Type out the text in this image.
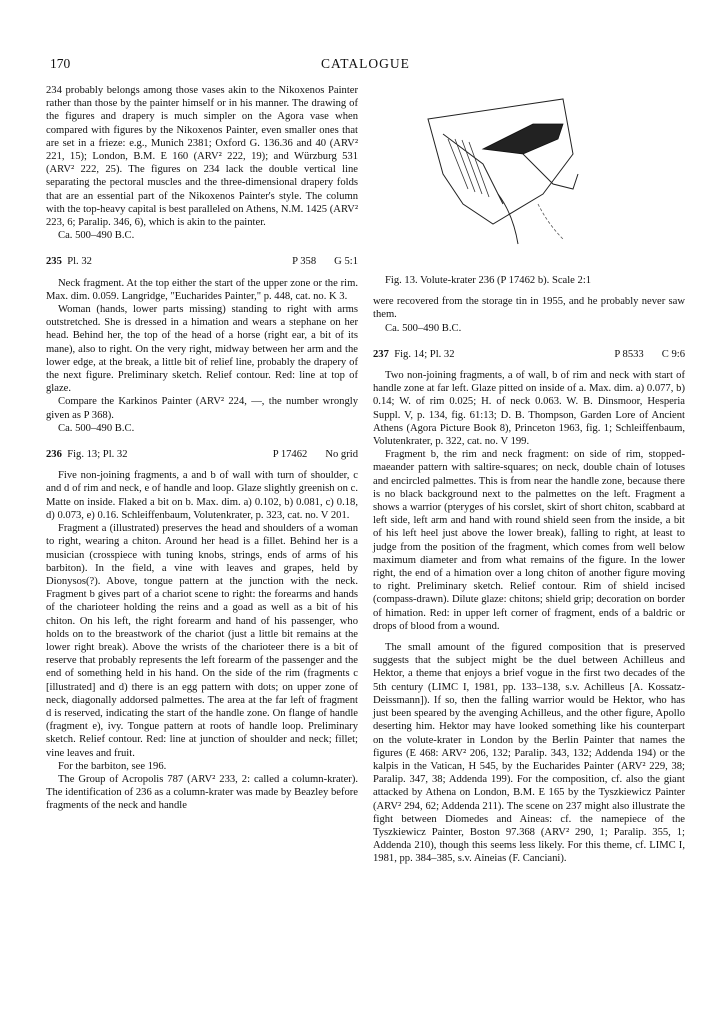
170	CATALOGUE

234 probably belongs among those vases akin to the Nikoxenos Painter rather than those by the painter himself or in his manner. The drawing of the figures and drapery is much simpler on the Agora vase when compared with figures by the Nikoxenos Painter, even smaller ones that are set in a frieze: e.g., Munich 2381; Oxford G. 136.36 and 40 (ARV² 221, 15); London, B.M. E 160 (ARV² 222, 19); and Würzburg 531 (ARV² 222, 25). The figures on 234 lack the double vertical line separating the pectoral muscles and the three-dimensional drapery folds that are an essential part of the Nikoxenos Painter's style. The column with the top-heavy capital is best paralleled on Athens, N.M. 1425 (ARV² 223, 6; Paralip. 346, 6), which is akin to the painter.

Ca. 500–490 B.C.

235 Pl. 32	P 358 G 5:1

Neck fragment. At the top either the start of the upper zone or the rim. Max. dim. 0.059. Langridge, "Eucharides Painter," p. 448, cat. no. K 3.

Woman (hands, lower parts missing) standing to right with arms outstretched. She is dressed in a himation and wears a stephane on her head. Behind her, the top of the head of a horse (right ear, a bit of its mane), also to right. On the very right, midway between her arm and the lower edge, at the break, a little bit of relief line, probably the drapery of the next figure. Preliminary sketch. Relief contour. Red: line at top of glaze.

Compare the Karkinos Painter (ARV² 224, —, the number wrongly given as P 368).

Ca. 500–490 B.C.

236 Fig. 13; Pl. 32	P 17462 No grid

Five non-joining fragments, a and b of wall with turn of shoulder, c and d of rim and neck, e of handle and loop. Glaze slightly greenish on c. Matte on inside. Flaked a bit on b. Max. dim. a) 0.102, b) 0.081, c) 0.18, d) 0.073, e) 0.16. Schleiffenbaum, Volutenkrater, p. 323, cat. no. V 201.

Fragment a (illustrated) preserves the head and shoulders of a woman to right, wearing a chiton. Around her head is a fillet. Behind her is a musician (crosspiece with tuning knobs, strings, ends of arms of his barbiton). In the field, a vine with leaves and grapes, held by Dionysos(?). Above, tongue pattern at the junction with the neck. Fragment b gives part of a chariot scene to right: the forearms and hands of the charioteer holding the reins and a goad as well as a bit of his chiton. On his left, the right forearm and hand of his passenger, who holds on to the breastwork of the chariot (just a little bit remains at the lower right break). Above the wrists of the charioteer there is a bit of reserve that probably represents the left forearm of the passenger and the end of something held in his hand. On the side of the rim (fragments c [illustrated] and d) there is an egg pattern with dots; on upper zone of neck, diagonally addorsed palmettes. The area at the far left of fragment d is reserved, indicating the start of the handle zone. On flange of handle (fragment e), ivy. Tongue pattern at roots of handle loop. Preliminary sketch. Relief contour. Red: line at junction of shoulder and neck; fillet; vine leaves and fruit.

For the barbiton, see 196.

The Group of Acropolis 787 (ARV² 233, 2: called a column-krater). The identification of 236 as a column-krater was made by Beazley before fragments of the neck and handle

Fig. 13. Volute-krater 236 (P 17462 b). Scale 2:1

were recovered from the storage tin in 1955, and he probably never saw them.

Ca. 500–490 B.C.

237 Fig. 14; Pl. 32	P 8533 C 9:6

Two non-joining fragments, a of wall, b of rim and neck with start of handle zone at far left. Glaze pitted on inside of a. Max. dim. a) 0.077, b) 0.14; W. of rim 0.025; H. of neck 0.063. W. B. Dinsmoor, Hesperia Suppl. V, p. 134, fig. 61:13; D. B. Thompson, Garden Lore of Ancient Athens (Agora Picture Book 8), Princeton 1963, fig. 1; Schleiffenbaum, Volutenkrater, p. 322, cat. no. V 199.

Fragment b, the rim and neck fragment: on side of rim, stopped-maeander pattern with saltire-squares; on neck, double chain of lotuses and encircled palmettes. This is from near the handle zone, because there is no black background next to the palmettes on the left. Fragment a shows a warrior (pteryges of his corslet, skirt of short chiton, scabbard at left side, left arm and hand with round shield seen from the inside, a bit of his left heel just above the lower break), falling to right, at least to judge from the position of the fragment, which comes from well below maximum diameter and from what remains of the figure. In the lower right, the end of a himation over a long chiton of another figure moving to right. Preliminary sketch. Relief contour. Rim of shield incised (compass-drawn). Dilute glaze: chitons; shield grip; decoration on border of himation. Red: in upper left corner of fragment, ends of a baldric or drops of blood from a wound.

The small amount of the figured composition that is preserved suggests that the subject might be the duel between Achilleus and Hektor, a theme that enjoys a brief vogue in the first two decades of the 5th century (LIMC I, 1981, pp. 133–138, s.v. Achilleus [A. Kossatz-Deissmann]). If so, then the falling warrior would be Hektor, who has just been speared by the avenging Achilleus, and the other figure, Apollo deserting him. Hektor may have looked something like his counterpart on the volute-krater in London by the Berlin Painter that names the figures (E 468: ARV² 206, 132; Paralip. 343, 132; Addenda 194) or the kalpis in the Vatican, H 545, by the Eucharides Painter (ARV² 229, 38; Paralip. 347, 38; Addenda 199). For the composition, cf. also the giant attacked by Athena on London, B.M. E 165 by the Tyszkiewicz Painter (ARV² 294, 62; Addenda 211). The scene on 237 might also illustrate the fight between Diomedes and Aineas: cf. the namepiece of the Tyszkiewicz Painter, Boston 97.368 (ARV² 290, 1; Paralip. 355, 1; Addenda 210), though this seems less likely. For this theme, cf. LIMC I, 1981, pp. 384–385, s.v. Aineias (F. Canciani).
